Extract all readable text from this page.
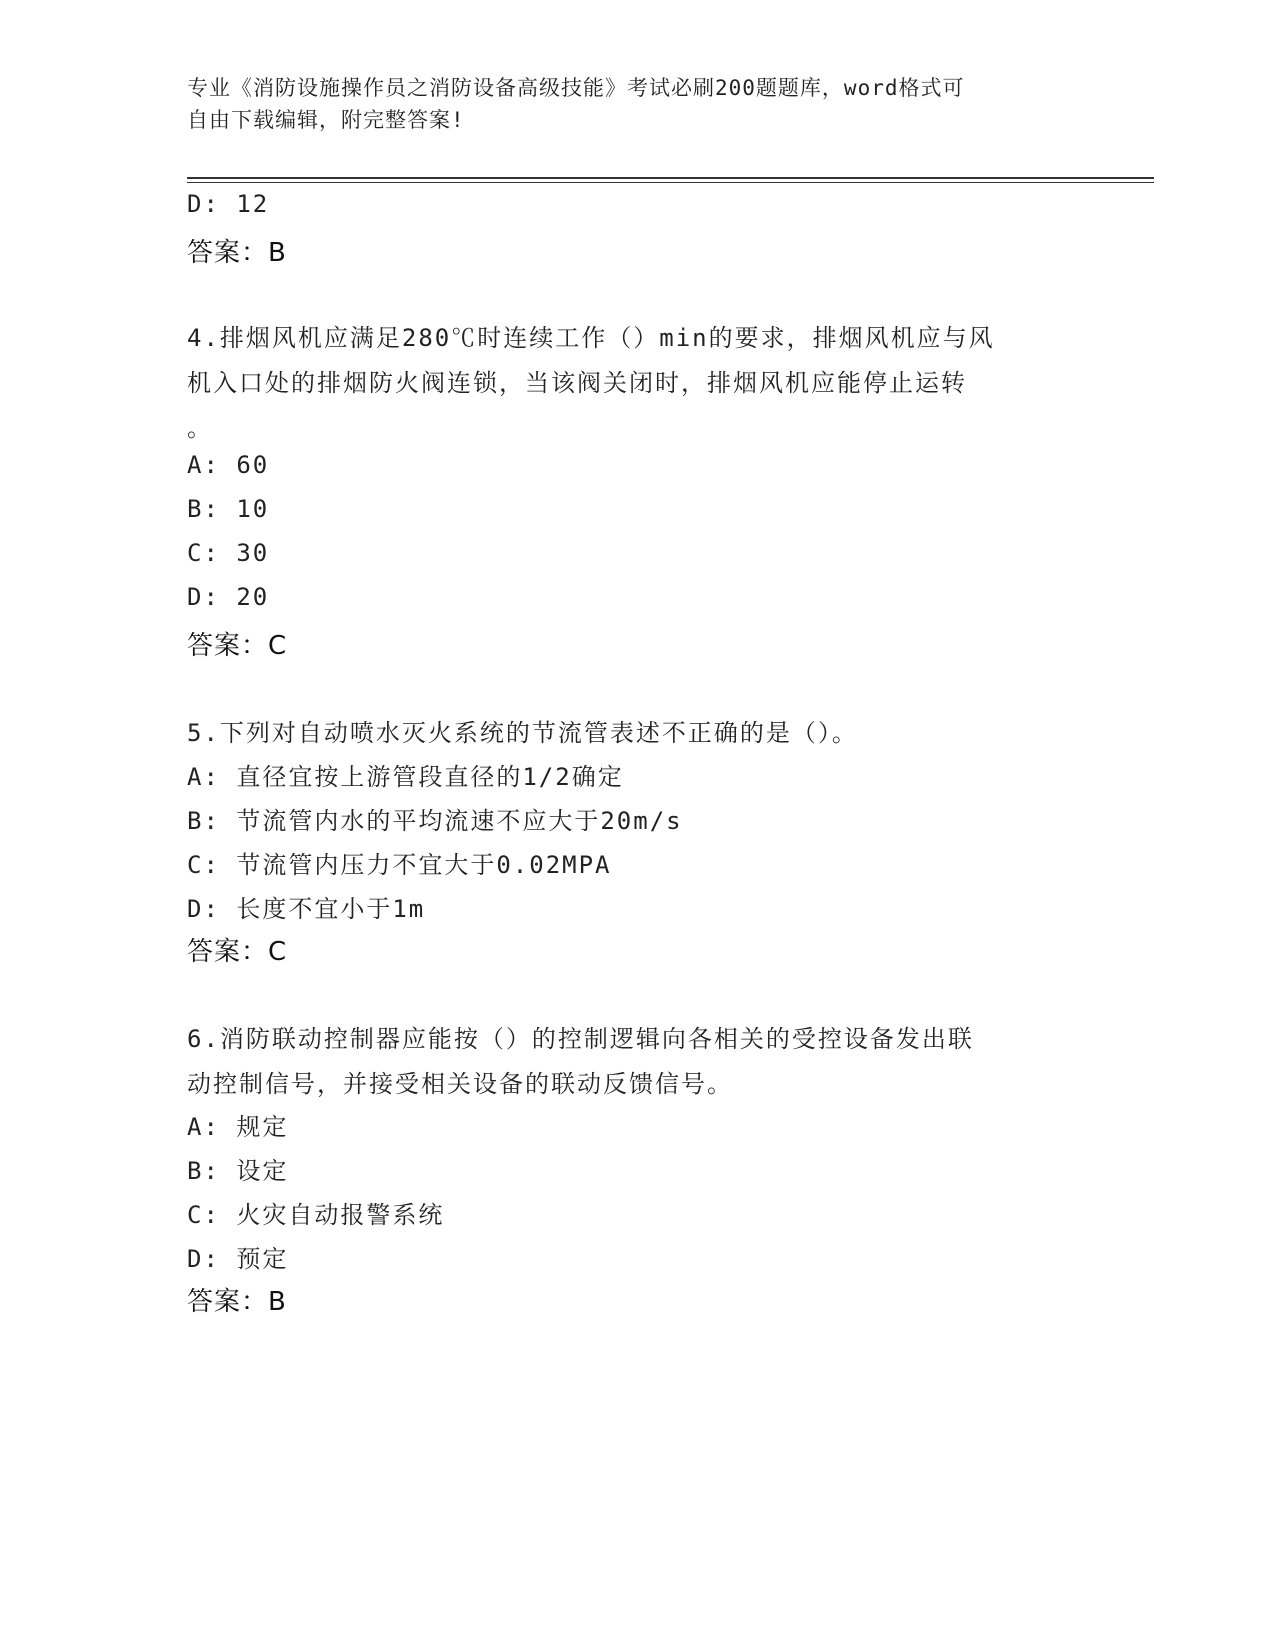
专业《消防设施操作员之消防设备高级技能》考试必刷200题题库，word格式可
自由下载编辑，附完整答案!
D: 12
答案：B
4.排烟风机应满足280℃时连续工作（）min的要求，排烟风机应与风
机入口处的排烟防火阀连锁，当该阀关闭时，排烟风机应能停止运转
。
A: 60
B: 10
C: 30
D: 20
答案：C
5.下列对自动喷水灭火系统的节流管表述不正确的是（）。
A: 直径宜按上游管段直径的1/2确定
B: 节流管内水的平均流速不应大于20m/s
C: 节流管内压力不宜大于0.02MPA
D: 长度不宜小于1m
答案：C
6.消防联动控制器应能按（）的控制逻辑向各相关的受控设备发出联
动控制信号，并接受相关设备的联动反馈信号。
A: 规定
B: 设定
C: 火灾自动报警系统
D: 预定
答案：B
